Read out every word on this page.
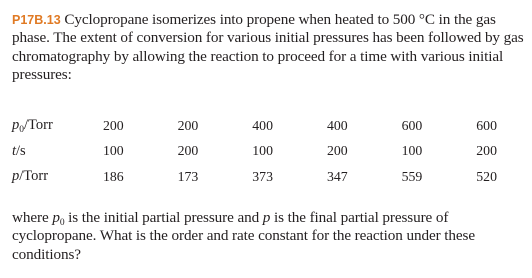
P17B.13 Cyclopropane isomerizes into propene when heated to 500 °C in the gas phase. The extent of conversion for various initial pressures has been followed by gas chromatography by allowing the reaction to proceed for a time with various initial pressures:
$p_0$/Torr	200	200	400	400	600	600
t/s	100	200	100	200	100	200
p/Torr	186	173	373	347	559	520
where $p_0$ is the initial partial pressure and p is the final partial pressure of cyclopropane. What is the order and rate constant for the reaction under these conditions?
